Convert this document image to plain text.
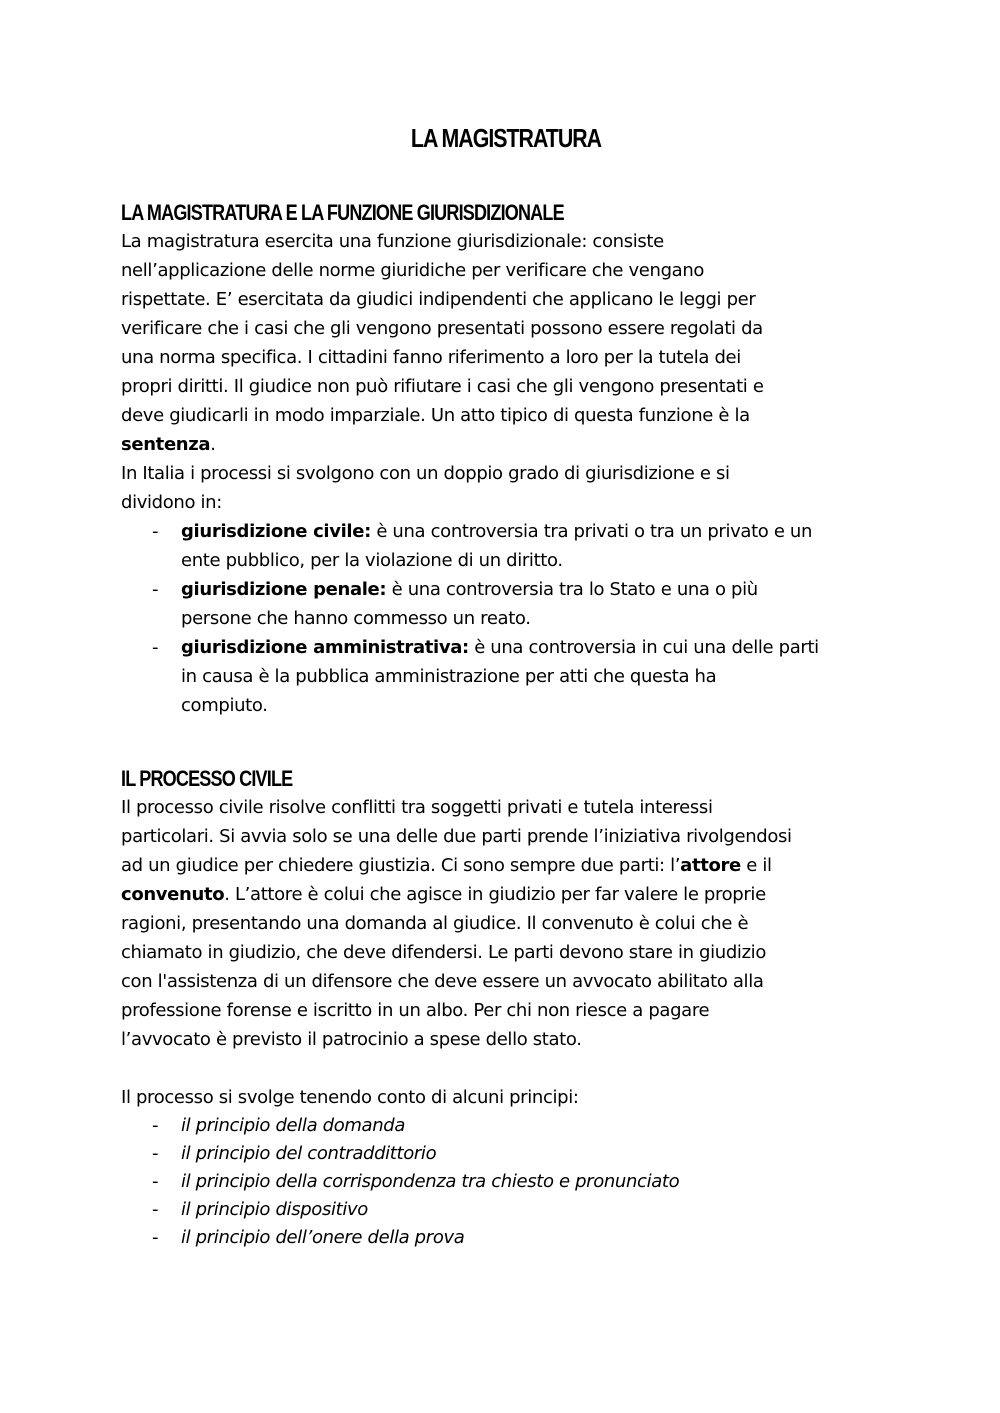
LA MAGISTRATURA
LA MAGISTRATURA E LA FUNZIONE GIURISDIZIONALE

La magistratura esercita una funzione giurisdizionale: consiste
nell’applicazione delle norme giuridiche per verificare che vengano
rispettate. E’ esercitata da giudici indipendenti che applicano le leggi per
verificare che i casi che gli vengono presentati possono essere regolati da
una norma specifica. I cittadini fanno riferimento a loro per la tutela dei
propri diritti. Il giudice non può rifiutare i casi che gli vengono presentati e
deve giudicarli in modo imparziale. Un atto tipico di questa funzione è la
sentenza.

In Italia i processi si svolgono con un doppio grado di giurisdizione e si
dividono in:

- giurisdizione civile: è una controversia tra privati o tra un privato e un
ente pubblico, per la violazione di un diritto.
- giurisdizione penale: è una controversia tra lo Stato e una o più
persone che hanno commesso un reato.
- giurisdizione amministrativa: è una controversia in cui una delle parti
in causa è la pubblica amministrazione per atti che questa ha
compiuto.
IL PROCESSO CIVILE

Il processo civile risolve conflitti tra soggetti privati e tutela interessi
particolari. Si avvia solo se una delle due parti prende l’iniziativa rivolgendosi
ad un giudice per chiedere giustizia. Ci sono sempre due parti: l’attore e il
convenuto. L’attore è colui che agisce in giudizio per far valere le proprie
ragioni, presentando una domanda al giudice. Il convenuto è colui che è
chiamato in giudizio, che deve difendersi. Le parti devono stare in giudizio
con l'assistenza di un difensore che deve essere un avvocato abilitato alla
professione forense e iscritto in un albo. Per chi non riesce a pagare
l’avvocato è previsto il patrocinio a spese dello stato.

Il processo si svolge tenendo conto di alcuni principi:

- il principio della domanda
- il principio del contraddittorio
- il principio della corrispondenza tra chiesto e pronunciato
- il principio dispositivo
- il principio dell’onere della prova
